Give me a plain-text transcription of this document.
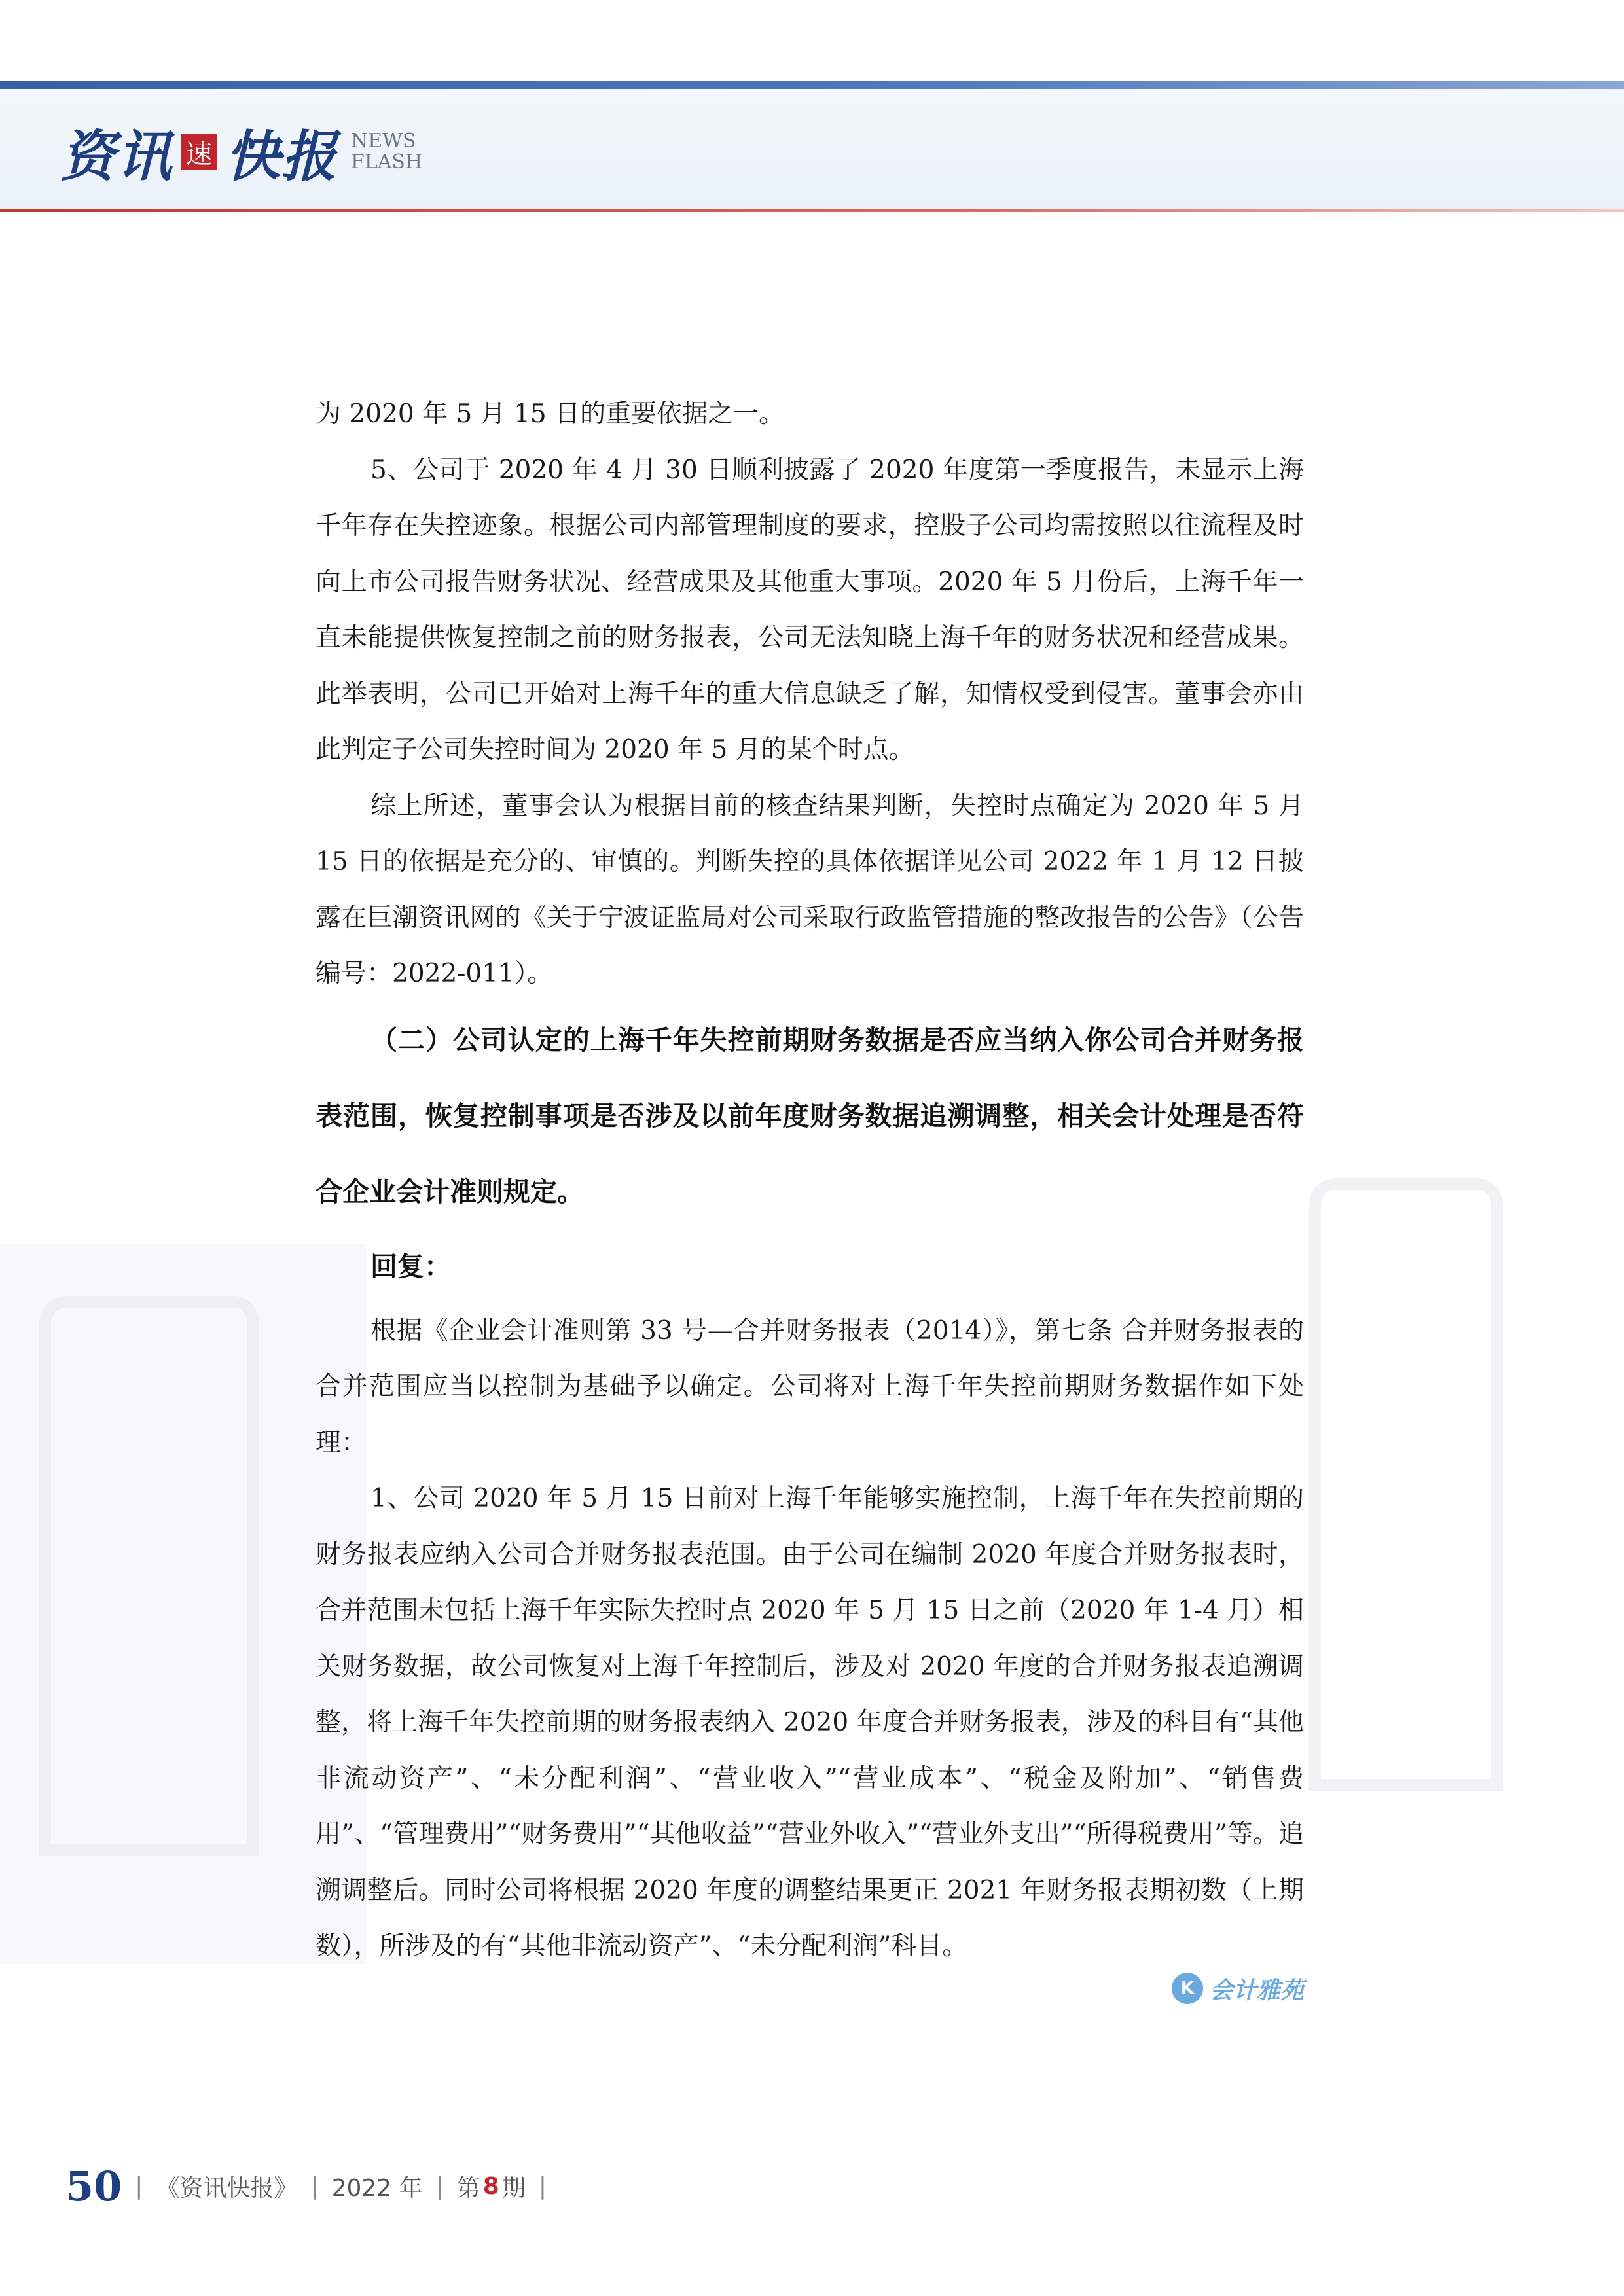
资讯 速 快报 NEWS
FLASH

为 2020 年 5 月 15 日的重要依据之一。

5、公司于 2020 年 4 月 30 日顺利披露了 2020 年度第一季度报告，未显示上海千年存在失控迹象。根据公司内部管理制度的要求，控股子公司均需按照以往流程及时向上市公司报告财务状况、经营成果及其他重大事项。2020 年 5 月份后，上海千年一直未能提供恢复控制之前的财务报表，公司无法知晓上海千年的财务状况和经营成果。此举表明，公司已开始对上海千年的重大信息缺乏了解，知情权受到侵害。董事会亦由此判定子公司失控时间为 2020 年 5 月的某个时点。

综上所述，董事会认为根据目前的核查结果判断，失控时点确定为 2020 年 5 月 15 日的依据是充分的、审慎的。判断失控的具体依据详见公司 2022 年 1 月 12 日披露在巨潮资讯网的《关于宁波证监局对公司采取行政监管措施的整改报告的公告》（公告编号：2022-011）。

（二）公司认定的上海千年失控前期财务数据是否应当纳入你公司合并财务报表范围，恢复控制事项是否涉及以前年度财务数据追溯调整，相关会计处理是否符合企业会计准则规定。

回复：

根据《企业会计准则第 33 号—合并财务报表（2014）》，第七条 合并财务报表的合并范围应当以控制为基础予以确定。公司将对上海千年失控前期财务数据作如下处理：

1、公司 2020 年 5 月 15 日前对上海千年能够实施控制，上海千年在失控前期的财务报表应纳入公司合并财务报表范围。由于公司在编制 2020 年度合并财务报表时，合并范围未包括上海千年实际失控时点 2020 年 5 月 15 日之前（2020 年 1-4 月）相关财务数据，故公司恢复对上海千年控制后，涉及对 2020 年度的合并财务报表追溯调整，将上海千年失控前期的财务报表纳入 2020 年度合并财务报表，涉及的科目有“其他非流动资产”、“未分配利润”、“营业收入”“营业成本”、“税金及附加”、“销售费用”、“管理费用”“财务费用”“其他收益”“营业外收入”“营业外支出”“所得税费用”等。追溯调整后。同时公司将根据 2020 年度的调整结果更正 2021 年财务报表期初数（上期数），所涉及的有“其他非流动资产”、“未分配利润”科目。

K 会计雅苑
50 | 《资讯快报》 | 2022 年 | 第 8 期 |
